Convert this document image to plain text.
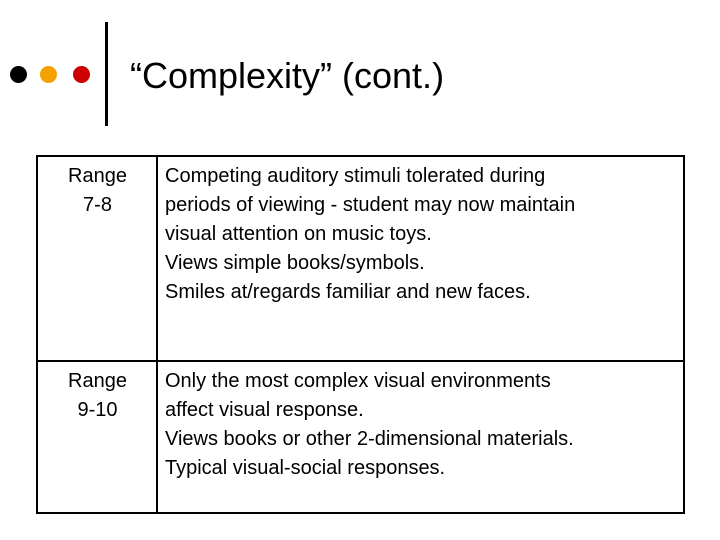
“Complexity” (cont.)
Range
7-8	Competing auditory stimuli tolerated during
periods of viewing - student may now maintain
visual attention on music toys.
Views simple books/symbols.
Smiles at/regards familiar and new faces.

Range
9-10	Only the most complex visual environments
affect visual response.
Views books or other 2-dimensional materials.
Typical visual-social responses.
